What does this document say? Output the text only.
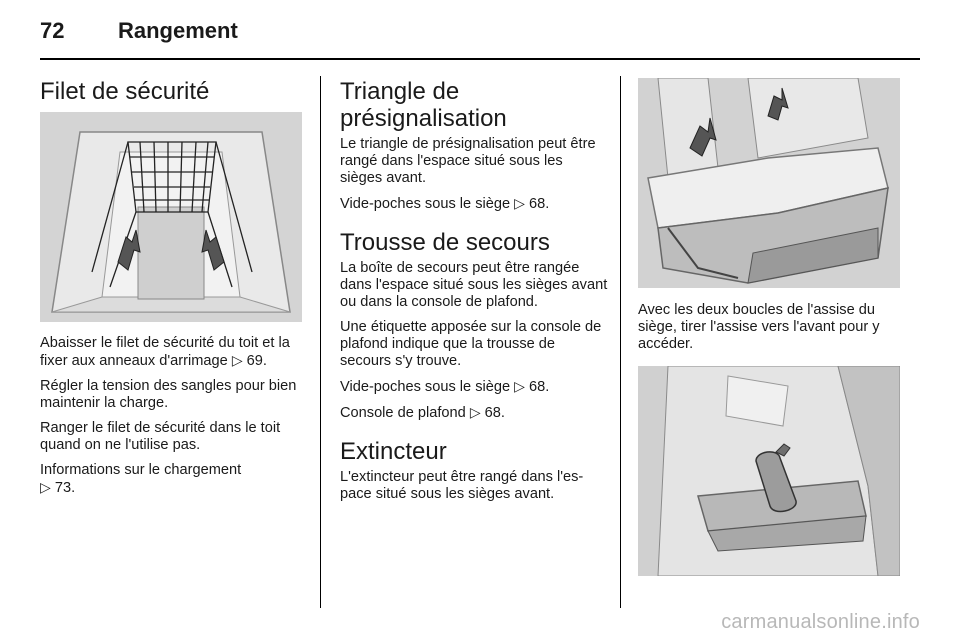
72 Rangement
Filet de sécurité

Abaisser le filet de sécurité du toit et la fixer aux anneaux d'arrimage ▷ 69.

Régler la tension des sangles pour bien maintenir la charge.

Ranger le filet de sécurité dans le toit quand on ne l'utilise pas.

Informations sur le chargement
▷ 73.

Triangle de
présignalisation

Le triangle de présignalisation peut être rangé dans l'espace situé sous les sièges avant.

Vide-poches sous le siège ▷ 68.

Trousse de secours

La boîte de secours peut être rangée dans l'espace situé sous les sièges avant ou dans la console de plafond.

Une étiquette apposée sur la console de plafond indique que la trousse de secours s'y trouve.

Vide-poches sous le siège ▷ 68.

Console de plafond ▷ 68.

Extincteur

L'extincteur peut être rangé dans l'es-pace situé sous les sièges avant.

Avec les deux boucles de l'assise du siège, tirer l'assise vers l'avant pour y accéder.

carmanualsonline.info
